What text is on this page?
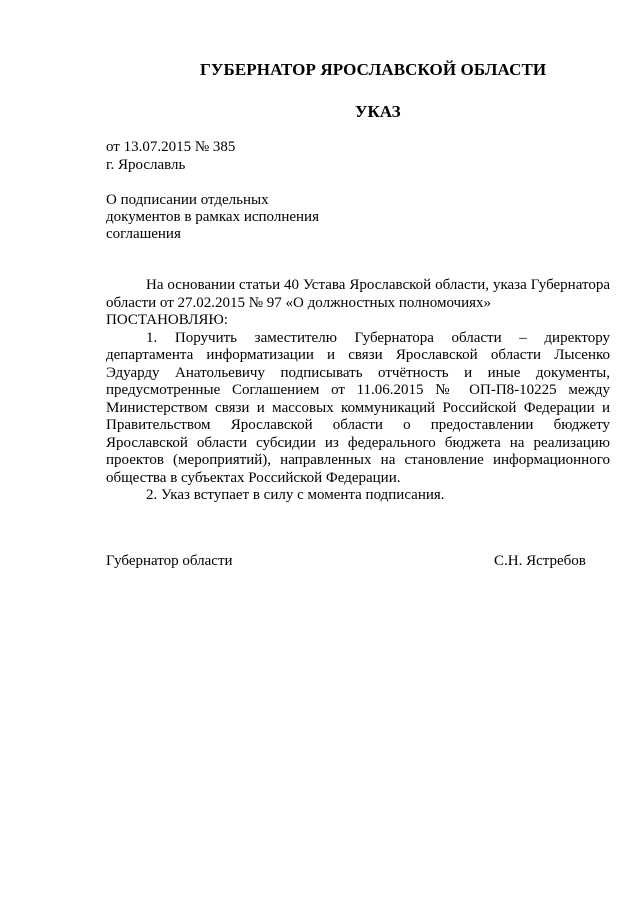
ГУБЕРНАТОР ЯРОСЛАВСКОЙ ОБЛАСТИ
УКАЗ
от 13.07.2015 № 385
г. Ярославль
О подписании отдельных
документов в рамках исполнения
соглашения

На основании статьи 40 Устава Ярославской области, указа Губернатора области от 27.02.2015 № 97 «О должностных полномочиях»

ПОСТАНОВЛЯЮ:

1. Поручить заместителю Губернатора области – директору департамента информатизации и связи Ярославской области Лысенко Эдуарду Анатольевичу подписывать отчётность и иные документы, предусмотренные Соглашением от 11.06.2015 № ОП-П8-10225 между Министерством связи и массовых коммуникаций Российской Федерации и Правительством Ярославской области о предоставлении бюджету Ярославской области субсидии из федерального бюджета на реализацию проектов (мероприятий), направленных на становление информационного общества в субъектах Российской Федерации.

2. Указ вступает в силу с момента подписания.

Губернатор области	С.Н. Ястребов
